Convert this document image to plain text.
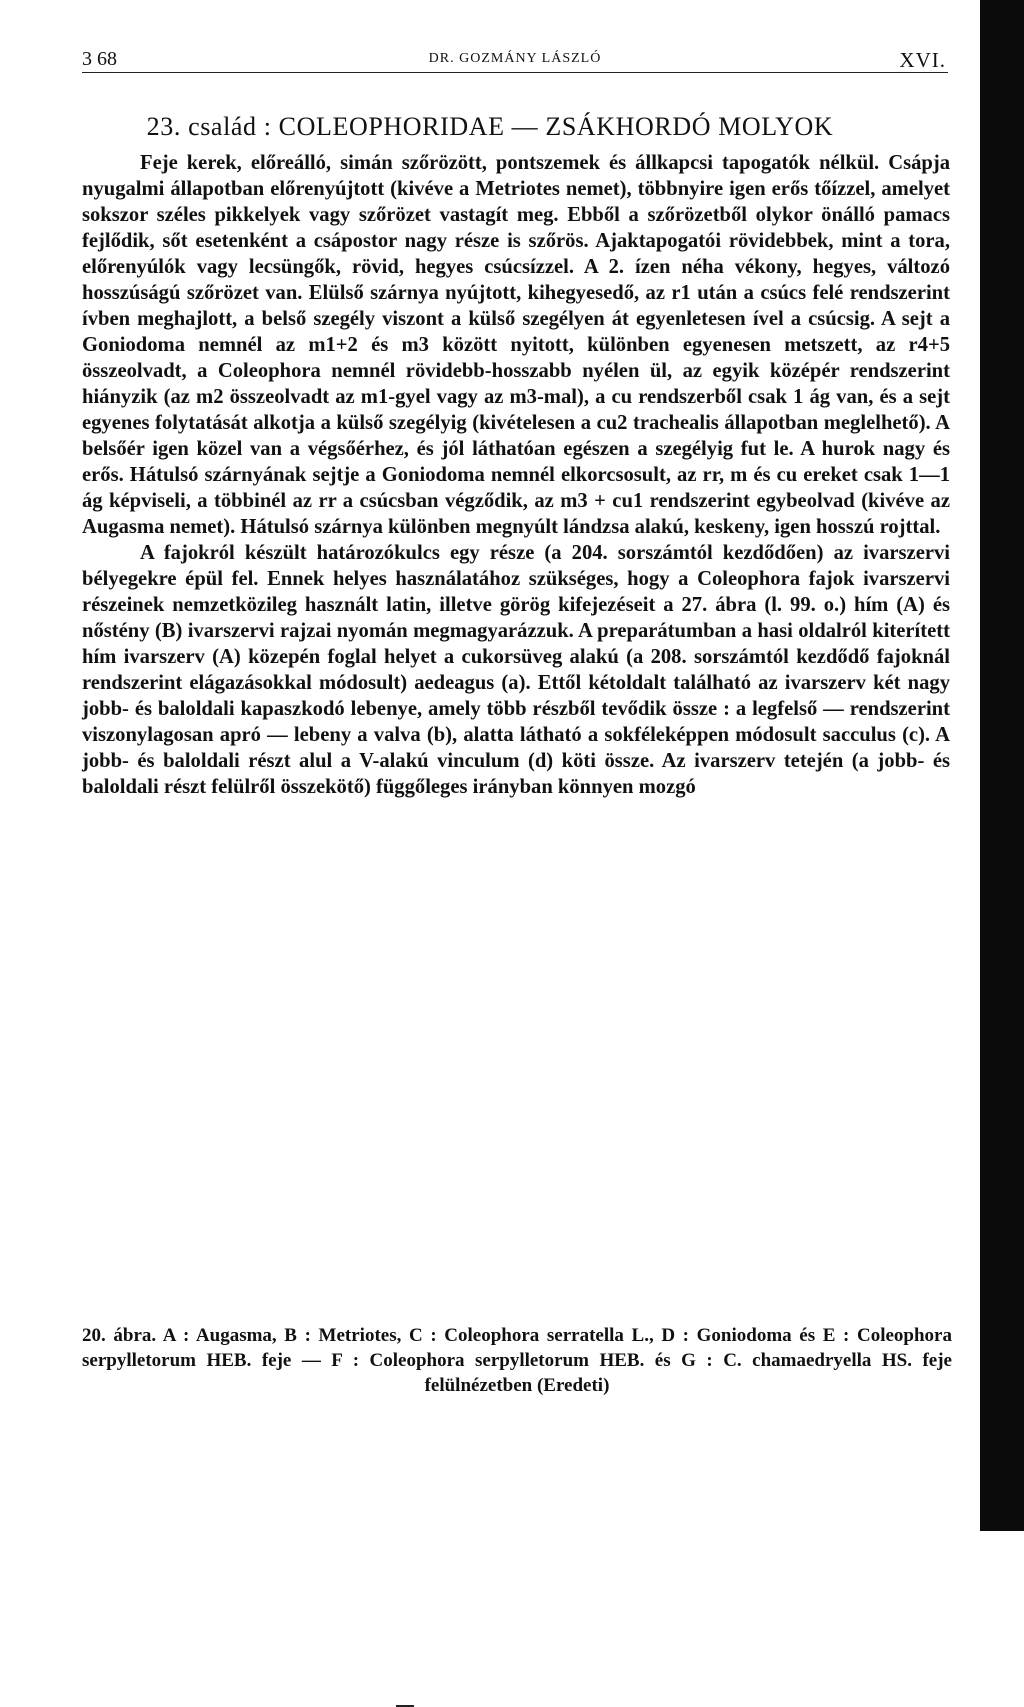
3 68	DR. GOZMÁNY LÁSZLÓ	XVI.
23. család : COLEOPHORIDAE — ZSÁKHORDÓ MOLYOK

Feje kerek, előreálló, simán szőrözött, pontszemek és állkapcsi tapogatók nélkül. Csápja nyugalmi állapotban előrenyújtott (kivéve a Metriotes nemet), többnyire igen erős tőízzel, amelyet sokszor széles pikkelyek vagy szőrözet vastagít meg. Ebből a szőrözetből olykor önálló pamacs fejlődik, sőt esetenként a csápostor nagy része is szőrös. Ajaktapogatói rövidebbek, mint a tora, előrenyúlók vagy lecsüngők, rövid, hegyes csúcsízzel. A 2. ízen néha vékony, hegyes, változó hosszúságú szőrözet van. Elülső szárnya nyújtott, kihegyesedő, az r1 után a csúcs felé rendszerint ívben meghajlott, a belső szegély viszont a külső szegélyen át egyenletesen ível a csúcsig. A sejt a Goniodoma nemnél az m1+2 és m3 között nyitott, különben egyenesen metszett, az r4+5 összeolvadt, a Coleophora nemnél rövidebb-hosszabb nyélen ül, az egyik középér rendszerint hiányzik (az m2 összeolvadt az m1-gyel vagy az m3-mal), a cu rendszerből csak 1 ág van, és a sejt egyenes folytatását alkotja a külső szegélyig (kivételesen a cu2 trachealis állapotban meglelhető). A belsőér igen közel van a végsőérhez, és jól láthatóan egészen a szegélyig fut le. A hurok nagy és erős. Hátulsó szárnyának sejtje a Goniodoma nemnél elkorcsosult, az rr, m és cu ereket csak 1—1 ág képviseli, a többinél az rr a csúcsban végződik, az m3 + cu1 rendszerint egybeolvad (kivéve az Augasma nemet). Hátulsó szárnya különben megnyúlt lándzsa alakú, keskeny, igen hosszú rojttal.

A fajokról készült határozókulcs egy része (a 204. sorszámtól kezdődően) az ivarszervi bélyegekre épül fel. Ennek helyes használatához szükséges, hogy a Coleophora fajok ivarszervi részeinek nemzetközileg használt latin, illetve görög kifejezéseit a 27. ábra (l. 99. o.) hím (A) és nőstény (B) ivarszervi rajzai nyomán megmagyarázzuk. A preparátumban a hasi oldalról kiterített hím ivarszerv (A) közepén foglal helyet a cukorsüveg alakú (a 208. sorszámtól kezdődő fajoknál rendszerint elágazásokkal módosult) aedeagus (a). Ettől kétoldalt található az ivarszerv két nagy jobb- és baloldali kapaszkodó lebenye, amely több részből tevődik össze : a legfelső — rendszerint viszonylagosan apró — lebeny a valva (b), alatta látható a sokféleképpen módosult sacculus (c). A jobb- és baloldali részt alul a V-alakú vinculum (d) köti össze. Az ivarszerv tetején (a jobb- és baloldali részt felülről összekötő) függőleges irányban könnyen mozgó

20. ábra. A : Augasma, B : Metriotes, C : Coleophora serratella L., D : Goniodoma és E : Coleophora serpylletorum HEB. feje — F : Coleophora serpylletorum HEB. és G : C. chamaedryella HS. feje felülnézetben (Eredeti)
